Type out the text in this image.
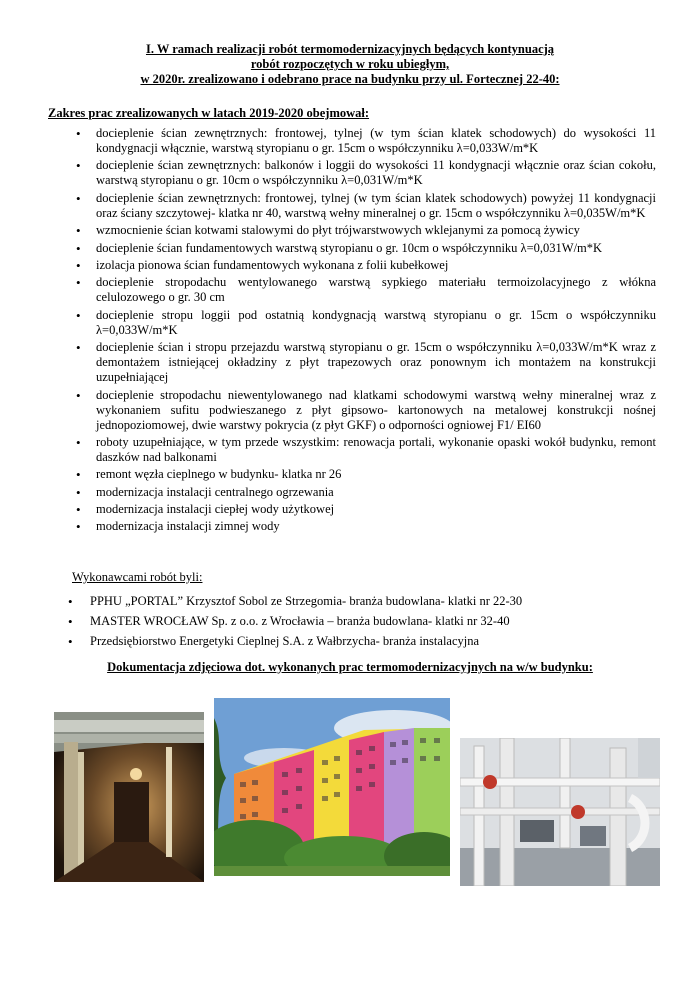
I. W ramach realizacji robót termomodernizacyjnych będących kontynuacją
robót rozpoczętych w roku ubiegłym,
w 2020r. zrealizowano i odebrano prace na budynku przy ul. Fortecznej 22-40:
Zakres prac zrealizowanych w latach 2019-2020 obejmował:
• docieplenie ścian zewnętrznych: frontowej, tylnej (w tym ścian klatek schodowych) do wysokości 11 kondygnacji włącznie, warstwą styropianu o gr. 15cm o współczynniku λ=0,033W/m*K
• docieplenie ścian zewnętrznych: balkonów i loggii do wysokości 11 kondygnacji włącznie oraz ścian cokołu, warstwą styropianu o gr. 10cm o współczynniku λ=0,031W/m*K
• docieplenie ścian zewnętrznych: frontowej, tylnej (w tym ścian klatek schodowych) powyżej 11 kondygnacji oraz ściany szczytowej- klatka nr 40, warstwą wełny mineralnej o gr. 15cm o współczynniku λ=0,035W/m*K
• wzmocnienie ścian kotwami stalowymi do płyt trójwarstwowych wklejanymi za pomocą żywicy
• docieplenie ścian fundamentowych warstwą styropianu o gr. 10cm o współczynniku λ=0,031W/m*K
• izolacja pionowa ścian fundamentowych wykonana z folii kubełkowej
• docieplenie stropodachu wentylowanego warstwą sypkiego materiału termoizolacyjnego z włókna celulozowego o gr. 30 cm
• docieplenie stropu loggii pod ostatnią kondygnacją warstwą styropianu o gr. 15cm o współczynniku λ=0,033W/m*K
• docieplenie ścian i stropu przejazdu warstwą styropianu o gr. 15cm o współczynniku λ=0,033W/m*K wraz z demontażem istniejącej okładziny z płyt trapezowych oraz ponownym ich montażem na konstrukcji uzupełniającej
• docieplenie stropodachu niewentylowanego nad klatkami schodowymi warstwą wełny mineralnej wraz z wykonaniem sufitu podwieszanego z płyt gipsowo- kartonowych na metalowej konstrukcji nośnej jednopoziomowej, dwie warstwy pokrycia (z płyt GKF) o odporności ogniowej F1/ EI60
• roboty uzupełniające, w tym przede wszystkim: renowacja portali, wykonanie opaski wokół budynku, remont daszków nad balkonami
• remont węzła cieplnego w budynku- klatka nr 26
• modernizacja instalacji centralnego ogrzewania
• modernizacja instalacji ciepłej wody użytkowej
• modernizacja instalacji zimnej wody
Wykonawcami robót byli:
• PPHU „PORTAL” Krzysztof Sobol ze Strzegomia- branża budowlana- klatki nr 22-30
• MASTER WROCŁAW Sp. z o.o. z Wrocławia – branża budowlana- klatki nr 32-40
• Przedsiębiorstwo Energetyki Cieplnej S.A. z Wałbrzycha- branża instalacyjna
Dokumentacja zdjęciowa dot. wykonanych prac termomodernizacyjnych na w/w budynku:
